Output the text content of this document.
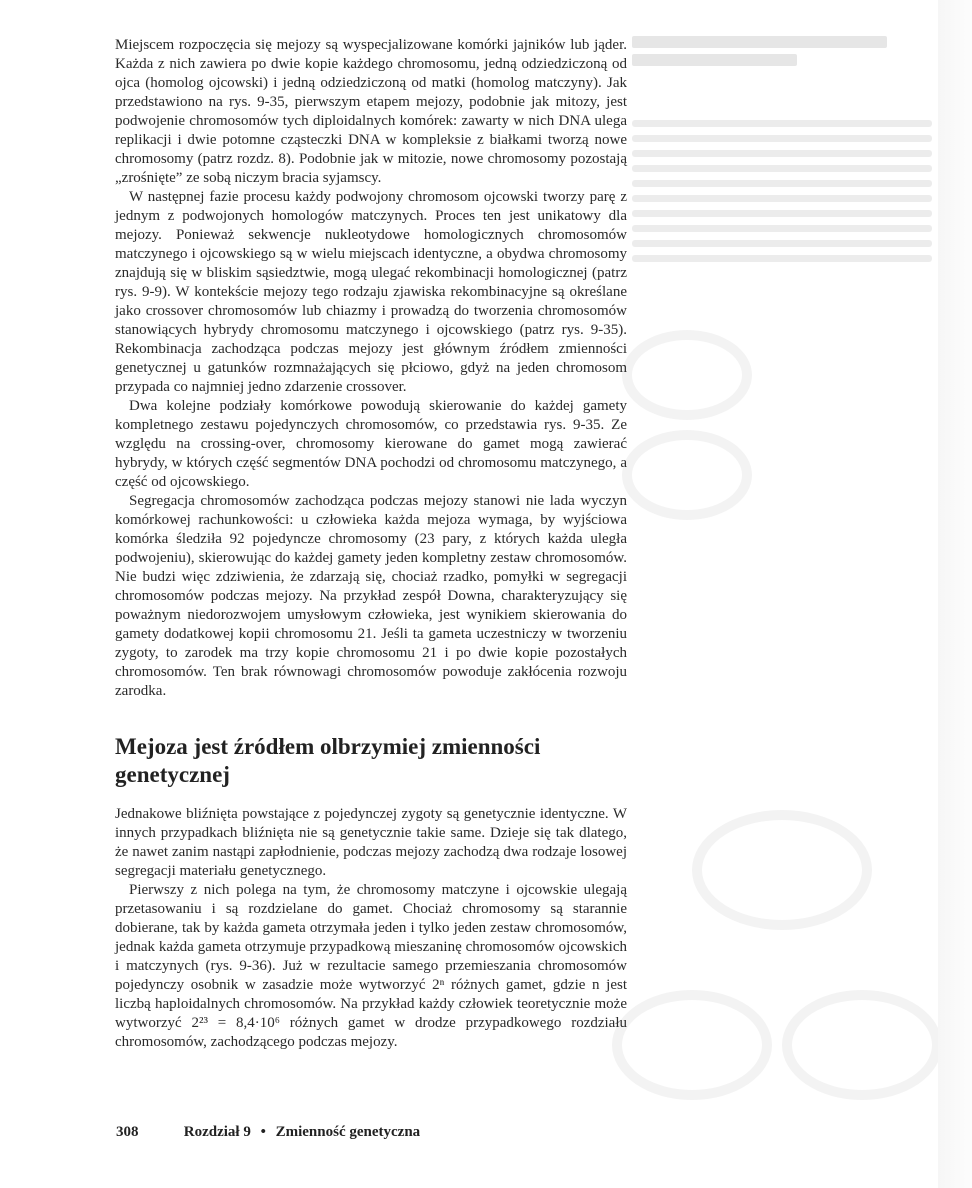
Miejscem rozpoczęcia się mejozy są wyspecjalizowane komórki jajników lub jąder. Każda z nich zawiera po dwie kopie każdego chromosomu, jedną odziedziczoną od ojca (homolog ojcowski) i jedną odziedziczoną od matki (homolog matczyny). Jak przedstawiono na rys. 9-35, pierwszym etapem mejozy, podobnie jak mitozy, jest podwojenie chromosomów tych diploidalnych komórek: zawarty w nich DNA ulega replikacji i dwie potomne cząsteczki DNA w kompleksie z białkami tworzą nowe chromosomy (patrz rozdz. 8). Podobnie jak w mitozie, nowe chromosomy pozostają „zrośnięte” ze sobą niczym bracia syjamscy.

W następnej fazie procesu każdy podwojony chromosom ojcowski tworzy parę z jednym z podwojonych homologów matczynych. Proces ten jest unikatowy dla mejozy. Ponieważ sekwencje nukleotydowe homologicznych chromosomów matczynego i ojcowskiego są w wielu miejscach identyczne, a obydwa chromosomy znajdują się w bliskim sąsiedztwie, mogą ulegać rekombinacji homologicznej (patrz rys. 9-9). W kontekście mejozy tego rodzaju zjawiska rekombinacyjne są określane jako crossover chromosomów lub chiazmy i prowadzą do tworzenia chromosomów stanowiących hybrydy chromosomu matczynego i ojcowskiego (patrz rys. 9-35). Rekombinacja zachodząca podczas mejozy jest głównym źródłem zmienności genetycznej u gatunków rozmnażających się płciowo, gdyż na jeden chromosom przypada co najmniej jedno zdarzenie crossover.

Dwa kolejne podziały komórkowe powodują skierowanie do każdej gamety kompletnego zestawu pojedynczych chromosomów, co przedstawia rys. 9-35. Ze względu na crossing-over, chromosomy kierowane do gamet mogą zawierać hybrydy, w których część segmentów DNA pochodzi od chromosomu matczynego, a część od ojcowskiego.

Segregacja chromosomów zachodząca podczas mejozy stanowi nie lada wyczyn komórkowej rachunkowości: u człowieka każda mejoza wymaga, by wyjściowa komórka śledziła 92 pojedyncze chromosomy (23 pary, z których każda uległa podwojeniu), skierowując do każdej gamety jeden kompletny zestaw chromosomów. Nie budzi więc zdziwienia, że zdarzają się, chociaż rzadko, pomyłki w segregacji chromosomów podczas mejozy. Na przykład zespół Downa, charakteryzujący się poważnym niedorozwojem umysłowym człowieka, jest wynikiem skierowania do gamety dodatkowej kopii chromosomu 21. Jeśli ta gameta uczestniczy w tworzeniu zygoty, to zarodek ma trzy kopie chromosomu 21 i po dwie kopie pozostałych chromosomów. Ten brak równowagi chromosomów powoduje zakłócenia rozwoju zarodka.

Mejoza jest źródłem olbrzymiej zmienności genetycznej

Jednakowe bliźnięta powstające z pojedynczej zygoty są genetycznie identyczne. W innych przypadkach bliźnięta nie są genetycznie takie same. Dzieje się tak dlatego, że nawet zanim nastąpi zapłodnienie, podczas mejozy zachodzą dwa rodzaje losowej segregacji materiału genetycznego.

Pierwszy z nich polega na tym, że chromosomy matczyne i ojcowskie ulegają przetasowaniu i są rozdzielane do gamet. Chociaż chromosomy są starannie dobierane, tak by każda gameta otrzymała jeden i tylko jeden zestaw chromosomów, jednak każda gameta otrzymuje przypadkową mieszaninę chromosomów ojcowskich i matczynych (rys. 9-36). Już w rezultacie samego przemieszania chromosomów pojedynczy osobnik w zasadzie może wytworzyć 2ⁿ różnych gamet, gdzie n jest liczbą haploidalnych chromosomów. Na przykład każdy człowiek teoretycznie może wytworzyć 2²³ = 8,4·10⁶ różnych gamet w drodze przypadkowego rozdziału chromosomów, zachodzącego podczas mejozy.

308	Rozdział 9 • Zmienność genetyczna
